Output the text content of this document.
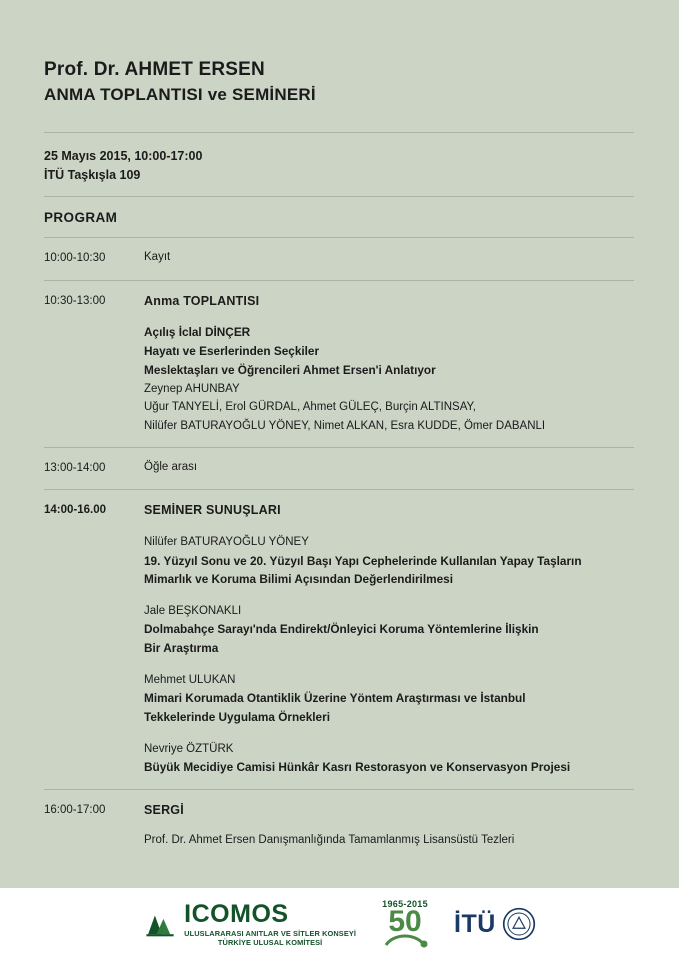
Prof. Dr. AHMET ERSEN
ANMA TOPLANTISI ve SEMİNERİ
25 Mayıs 2015, 10:00-17:00
İTÜ Taşkışla 109
PROGRAM
10:00-10:30	Kayıt
10:30-13:00	Anma TOPLANTISI
Açılış İclal DİNÇER
Hayatı ve Eserlerinden Seçkiler
Meslektaşları ve Öğrencileri Ahmet Ersen'i Anlatıyor
Zeynep AHUNBAY
Uğur TANYELİ, Erol GÜRDAL, Ahmet GÜLEÇ, Burçin ALTINSAY,
Nilüfer BATURAYOĞLU YÖNEY, Nimet ALKAN, Esra KUDDE, Ömer DABANLI
13:00-14:00	Öğle arası
14:00-16.00	SEMİNER SUNUŞLARI
Nilüfer BATURAYOĞLU YÖNEY
19. Yüzyıl Sonu ve 20. Yüzyıl Başı Yapı Cephelerinde Kullanılan Yapay Taşların
Mimarlık ve Koruma Bilimi Açısından Değerlendirilmesi
Jale BEŞKONAKLI
Dolmabahçe Sarayı'nda Endirekt/Önleyici Koruma Yöntemlerine İlişkin
Bir Araştırma
Mehmet ULUKAN
Mimari Korumada Otantiklik Üzerine Yöntem Araştırması ve İstanbul
Tekkelerinde Uygulama Örnekleri
Nevriye ÖZTÜRK
Büyük Mecidiye Camisi Hünkâr Kasrı Restorasyon ve Konservasyon Projesi
16:00-17:00	SERGİ
Prof. Dr. Ahmet Ersen Danışmanlığında Tamamlanmış Lisansüstü Tezleri
ICOMOS
ULUSLARARASI ANITLAR VE SİTLER KONSEYİ
TÜRKİYE ULUSAL KOMİTESİ
1965-2015
50 İTÜ
